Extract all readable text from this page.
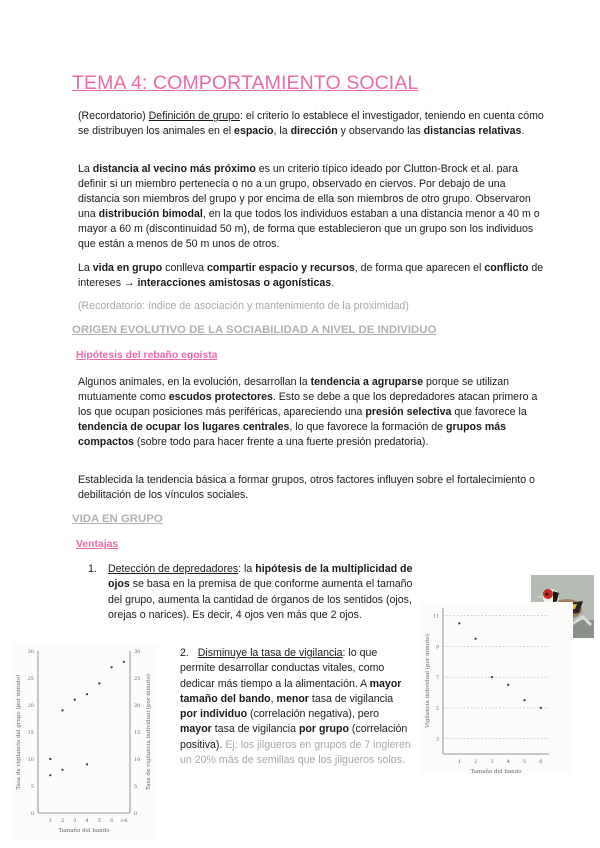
TEMA 4: COMPORTAMIENTO SOCIAL
(Recordatorio) Definición de grupo: el criterio lo establece el investigador, teniendo en cuenta cómo se distribuyen los animales en el espacio, la dirección y observando las distancias relativas.
La distancia al vecino más próximo es un criterio típico ideado por Clutton-Brock et al. para definir si un miembro pertenecía o no a un grupo, observado en ciervos. Por debajo de una distancia son miembros del grupo y por encima de ella son miembros de otro grupo. Observaron una distribución bimodal, en la que todos los individuos estaban a una distancia menor a 40 m o mayor a 60 m (discontinuidad 50 m), de forma que establecieron que un grupo son los individuos que están a menos de 50 m unos de otros.
La vida en grupo conlleva compartir espacio y recursos, de forma que aparecen el conflicto de intereses → interacciones amistosas o agonísticas.
(Recordatorio: índice de asociación y mantenimiento de la proximidad)
ORIGEN EVOLUTIVO DE LA SOCIABILIDAD A NIVEL DE INDIVIDUO
Hipótesis del rebaño egoísta
Algunos animales, en la evolución, desarrollan la tendencia a agruparse porque se utilizan mutuamente como escudos protectores. Esto se debe a que los depredadores atacan primero a los que ocupan posiciones más periféricas, apareciendo una presión selectiva que favorece la tendencia de ocupar los lugares centrales, lo que favorece la formación de grupos más compactos (sobre todo para hacer frente a una fuerte presión predatoria).
Establecida la tendencia básica a formar grupos, otros factores influyen sobre el fortalecimiento o debilitación de los vínculos sociales.
VIDA EN GRUPO
Ventajas
1. Detección de depredadores: la hipótesis de la multiplicidad de ojos se basa en la premisa de que conforme aumenta el tamaño del grupo, aumenta la cantidad de órganos de los sentidos (ojos, orejas o narices). Es decir, 4 ojos ven más que 2 ojos.
2. Disminuye la tasa de vigilancia: lo que permite desarrollar conductas vitales, como dedicar más tiempo a la alimentación. A mayor tamaño del bando, menor tasa de vigilancia por individuo (correlación negativa), pero mayor tasa de vigilancia por grupo (correlación positiva). Ej: los jilgueros en grupos de 7 ingieren un 20% más de semillas que los jilgueros solos.
0	0
5	5
10	10
15	15
20	20
25	25
30	30
1 2 3 4 5 6 >6
Tamaño del bando
Tasa de vigilancia del grupo (por minuto)	Tasa de vigilancia individual (por minuto)	3
5
7
9
11
1	2	3	4	5	6
Tamaño del bando
Vigilancia individual (por minuto)
